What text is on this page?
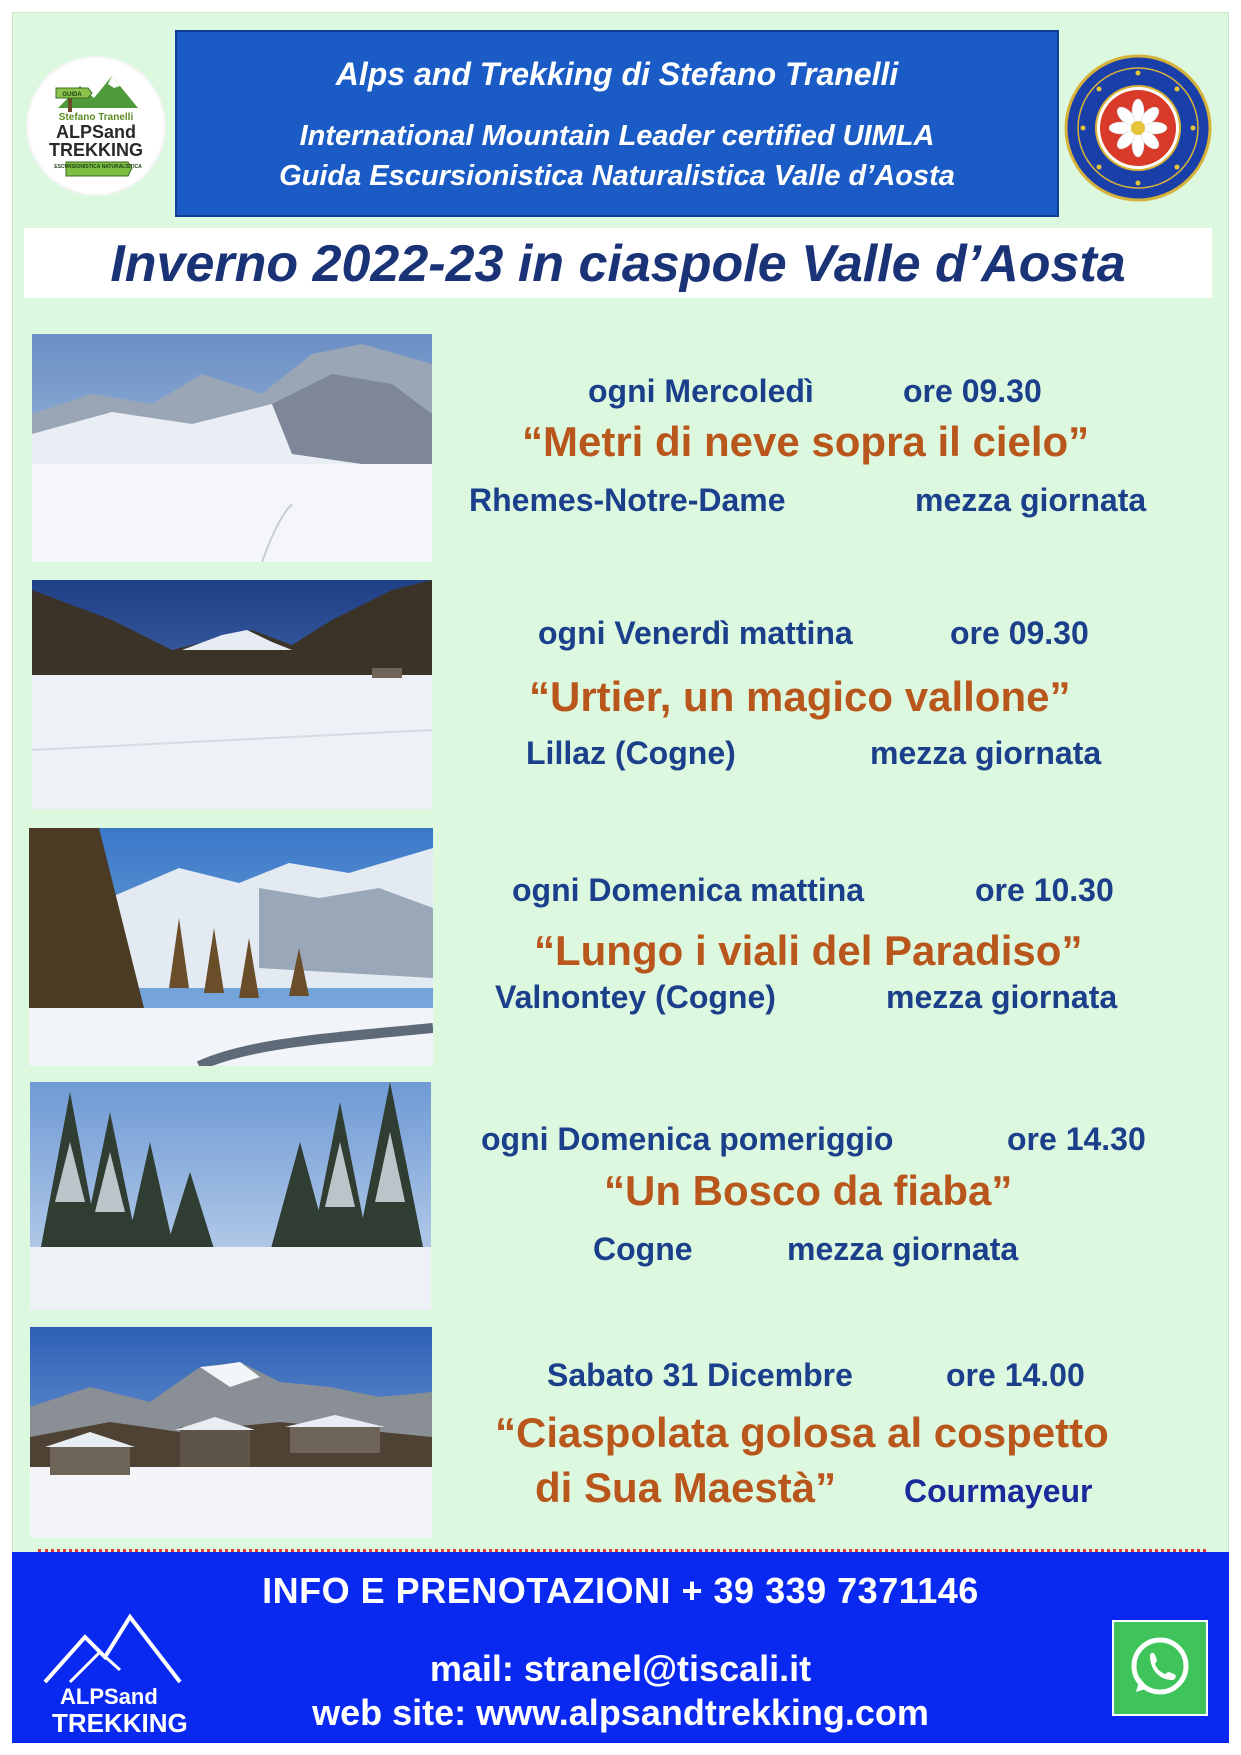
GUIDA
Stefano Tranelli
ALPSand
TREKKING
ESCURSIONISTICA NATURALISTICA
Alps and Trekking di Stefano Tranelli
International Mountain Leader certified UIMLA
Guida Escursionistica Naturalistica Valle d’Aosta
Inverno 2022-23 in ciaspole Valle d’Aosta
ogni Mercoledì	ore 09.30
“Metri di neve sopra il cielo”
Rhemes-Notre-Dame	mezza giornata
ogni Venerdì mattina	ore 09.30
“Urtier, un magico vallone”
Lillaz (Cogne)	mezza giornata
ogni Domenica mattina	ore 10.30
“Lungo i viali del Paradiso”
Valnontey (Cogne)	mezza giornata
ogni Domenica pomeriggio	ore 14.30
“Un Bosco da fiaba”
Cogne	mezza giornata
Sabato 31 Dicembre	ore 14.00
“Ciaspolata golosa al cospetto
di Sua Maestà” Courmayeur
INFO E PRENOTAZIONI + 39 339 7371146
mail: stranel@tiscali.it
web site: www.alpsandtrekking.com
ALPSand
TREKKING
